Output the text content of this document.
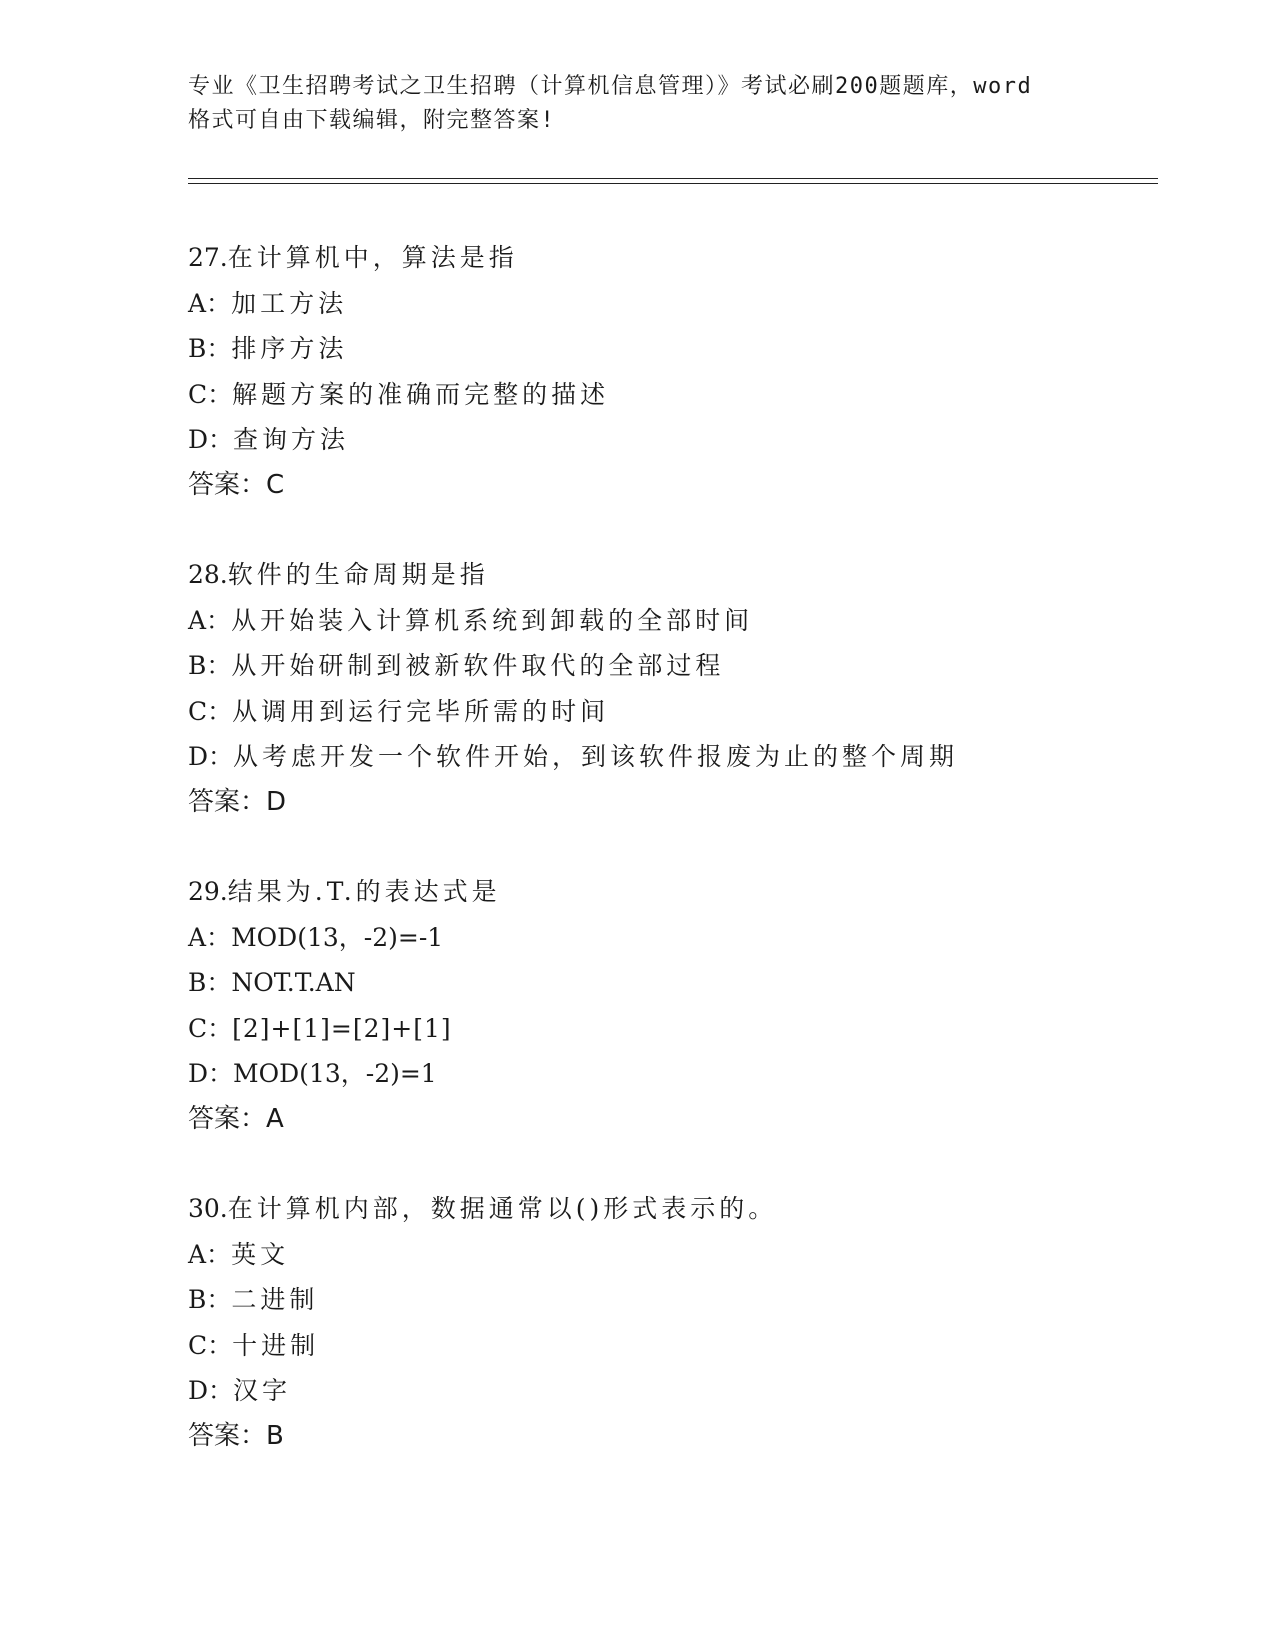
专业《卫生招聘考试之卫生招聘（计算机信息管理）》考试必刷200题题库，word
格式可自由下载编辑，附完整答案!
27.在计算机中，算法是指
A：加工方法
B：排序方法
C：解题方案的准确而完整的描述
D：查询方法
答案：C
28.软件的生命周期是指
A：从开始装入计算机系统到卸载的全部时间
B：从开始研制到被新软件取代的全部过程
C：从调用到运行完毕所需的时间
D：从考虑开发一个软件开始，到该软件报废为止的整个周期
答案：D
29.结果为.T.的表达式是
A：MOD(13，-2)=-1
B：NOT.T.AN
C：[2]+[1]=[2]+[1]
D：MOD(13，-2)=1
答案：A
30.在计算机内部，数据通常以()形式表示的。
A：英文
B：二进制
C：十进制
D：汉字
答案：B
